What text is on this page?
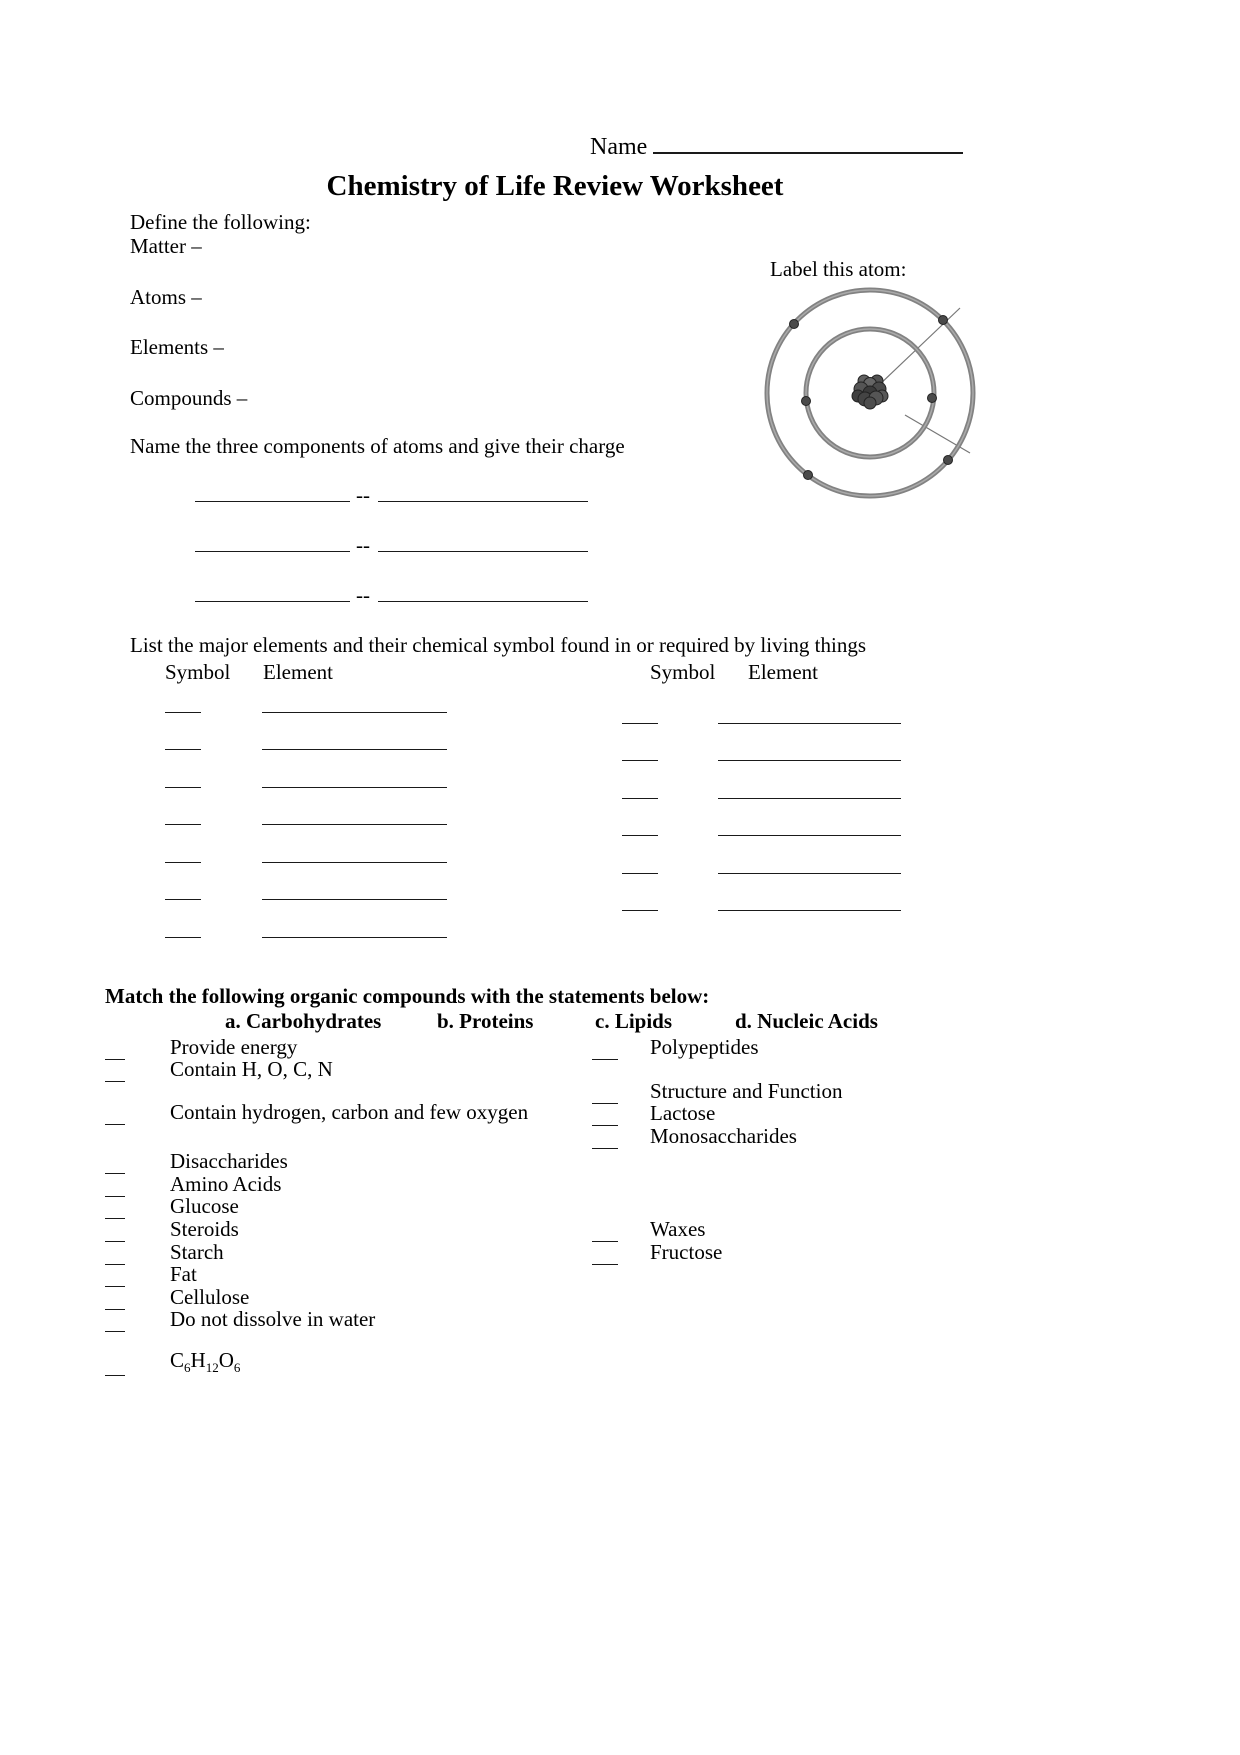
Name
Chemistry of Life Review Worksheet
Define the following:
Matter –
Atoms –
Elements –
Compounds –
Label this atom:
Name the three components of atoms and give their charge
--
--
--
List the major elements and their chemical symbol found in or required by living things
Symbol Element	Symbol Element
Match the following organic compounds with the statements below:
a. Carbohydrates	b. Proteins	c. Lipids	d. Nucleic Acids
Provide energy
Contain H, O, C, N
Contain hydrogen, carbon and few oxygen
Disaccharides
Amino Acids
Glucose
Steroids
Starch
Fat
Cellulose
Do not dissolve in water
$C_6H_{12}O_6$
Polypeptides
Structure and Function
Lactose
Monosaccharides
Waxes
Fructose
